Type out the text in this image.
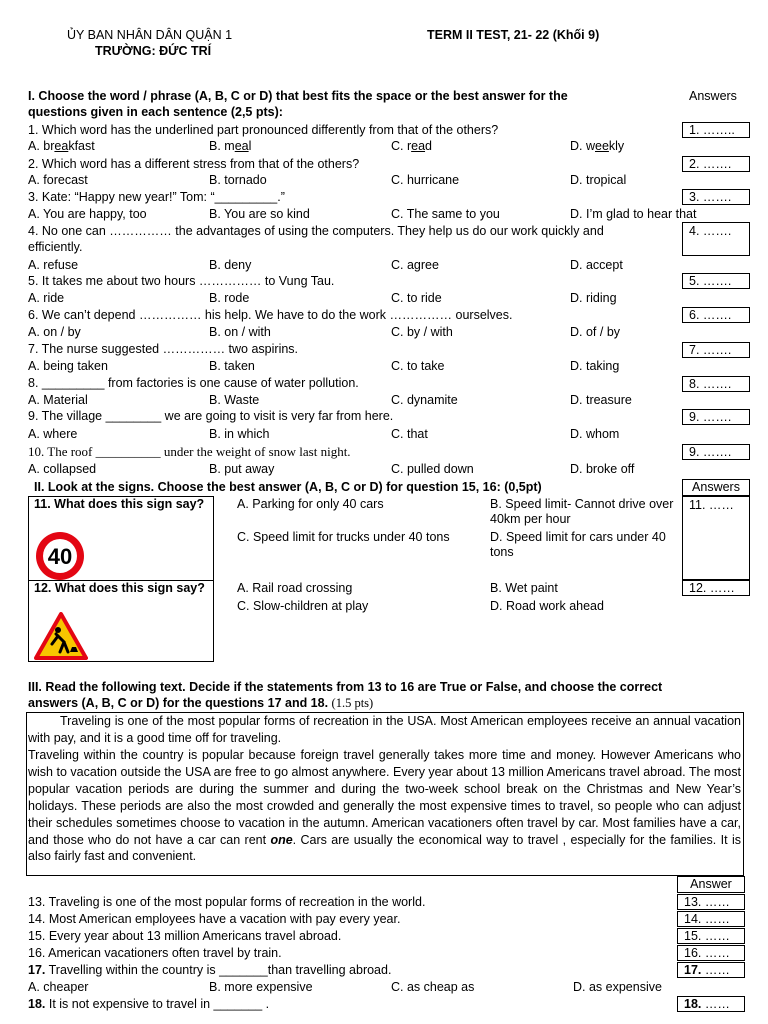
ỦY BAN NHÂN DÂN QUẬN 1
TRƯỜNG: ĐỨC TRÍ
TERM II TEST, 21- 22 (Khối 9)
I. Choose the word / phrase (A, B, C or D) that best fits the space or the best answer for the
questions given in each sentence (2,5 pts):
Answers
1. Which word has the underlined part pronounced differently from that of the others?
A. breakfast	B. meal	C. read	D. weekly
1. ……..
2. Which word has a different stress from that of the others?
A. forecast	B. tornado	C. hurricane	D. tropical
2. …….
3. Kate: “Happy new year!” Tom: “_________.”
A. You are happy, too	B. You are so kind	C. The same to you	D. I’m glad to hear that
3. …….
4. No one can …………… the advantages of using the computers. They help us do our work quickly and
efficiently.
A. refuse	B. deny	C. agree	D. accept
4. …….
5. It takes me about two hours …………… to Vung Tau.
A. ride	B. rode	C. to ride	D. riding
5. …….
6. We can’t depend …………… his help. We have to do the work …………… ourselves.
A. on / by	B. on / with	C. by / with	D. of / by
6. …….
7. The nurse suggested …………… two aspirins.
A. being taken	B. taken	C. to take	D. taking
7. …….
8. _________ from factories is one cause of water pollution.
A. Material	B. Waste	C. dynamite	D. treasure
8. …….
9. The village ________ we are going to visit is very far from here.
A. where	B. in which	C. that	D. whom
9. …….
10. The roof __________ under the weight of snow last night.
A. collapsed	B. put away	C. pulled down	D. broke off
9. …….
II. Look at the signs. Choose the best answer (A, B, C or D) for question 15, 16: (0,5pt)	Answers
11. What does this sign say?
40
A. Parking for only 40 cars	B. Speed limit- Cannot drive over 40km per hour
C. Speed limit for trucks under 40 tons	D. Speed limit for cars under 40 tons
11. ……
12. What does this sign say?	A. Rail road crossing	B. Wet paint
C. Slow-children at play	D. Road work ahead
12. ……
III. Read the following text. Decide if the statements from 13 to 16 are True or False, and choose the correct
answers (A, B, C or D) for the questions 17 and 18. (1.5 pts)
Traveling is one of the most popular forms of recreation in the USA. Most American employees receive an annual vacation with pay, and it is a good time off for traveling.
Traveling within the country is popular because foreign travel generally takes more time and money. However Americans who wish to vacation outside the USA are free to go almost anywhere. Every year about 13 million Americans travel abroad. The most popular vacation periods are during the summer and during the two-week school break on the Christmas and New Year’s holidays. These periods are also the most crowded and generally the most expensive times to travel, so people who can adjust their schedules sometimes choose to vacation in the autumn. American vacationers often travel by car. Most families have a car, and those who do not have a car can rent one. Cars are usually the economical way to travel , especially for the families. It is also fairly fast and convenient.
Answer
13. Traveling is one of the most popular forms of recreation in the world.	13. ……
14. Most American employees have a vacation with pay every year.	14. ……
15. Every year about 13 million Americans travel abroad.	15. ……
16. American vacationers often travel by train.	16. ……
17. Travelling within the country is _______than travelling abroad.	17. ……
A. cheaper	B. more expensive	C. as cheap as	D. as expensive
18. It is not expensive to travel in _______ .	18. ……
